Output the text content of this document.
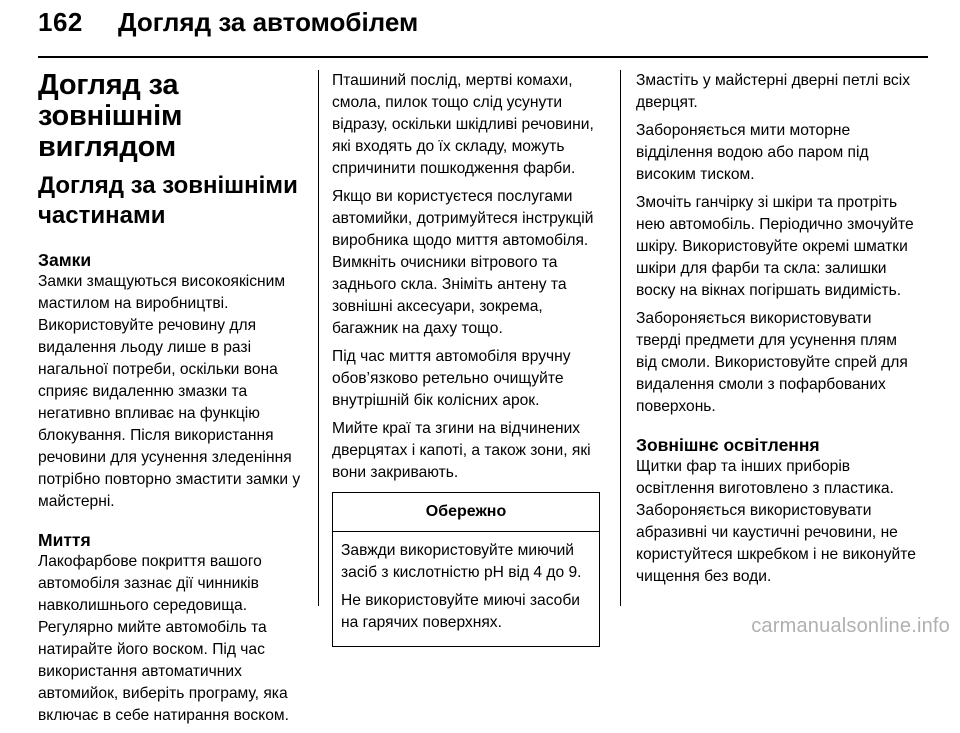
162 Догляд за автомобілем
Догляд за зовнішнім виглядом
Догляд за зовнішніми частинами
Замки

Замки змащуються високоякісним мастилом на виробництві. Використовуйте речовину для видалення льоду лише в разі нагальної потреби, оскільки вона сприяє видаленню змазки та негативно впливає на функцію блокування. Після використання речовини для усунення зледеніння потрібно повторно змастити замки у майстерні.

Миття

Лакофарбове покриття вашого автомобіля зазнає дії чинників навколишнього середовища. Регулярно мийте автомобіль та натирайте його воском. Під час використання автоматичних автомийок, виберіть програму, яка включає в себе натирання воском.

Пташиний послід, мертві комахи, смола, пилок тощо слід усунути відразу, оскільки шкідливі речовини, які входять до їх складу, можуть спричинити пошкодження фарби.

Якщо ви користуєтеся послугами автомийки, дотримуйтеся інструкцій виробника щодо миття автомобіля. Вимкніть очисники вітрового та заднього скла. Зніміть антену та зовнішні аксесуари, зокрема, багажник на даху тощо.

Під час миття автомобіля вручну обов’язково ретельно очищуйте внутрішній бік колісних арок.

Мийте краї та згини на відчинених дверцятах і капоті, а також зони, які вони закривають.

Обережно

Завжди використовуйте миючий засіб з кислотністю pH від 4 до 9.

Не використовуйте миючі засоби на гарячих поверхнях.

Змастіть у майстерні дверні петлі всіх дверцят.

Забороняється мити моторне відділення водою або паром під високим тиском.

Змочіть ганчірку зі шкіри та протріть нею автомобіль. Періодично змочуйте шкіру. Використовуйте окремі шматки шкіри для фарби та скла: залишки воску на вікнах погіршать видимість.

Забороняється використовувати тверді предмети для усунення плям від смоли. Використовуйте спрей для видалення смоли з пофарбованих поверхонь.

Зовнішнє освітлення

Щитки фар та інших приборів освітлення виготовлено з пластика. Забороняється використовувати абразивні чи каустичні речовини, не користуйтеся шкребком і не виконуйте чищення без води.

carmanualsonline.info
